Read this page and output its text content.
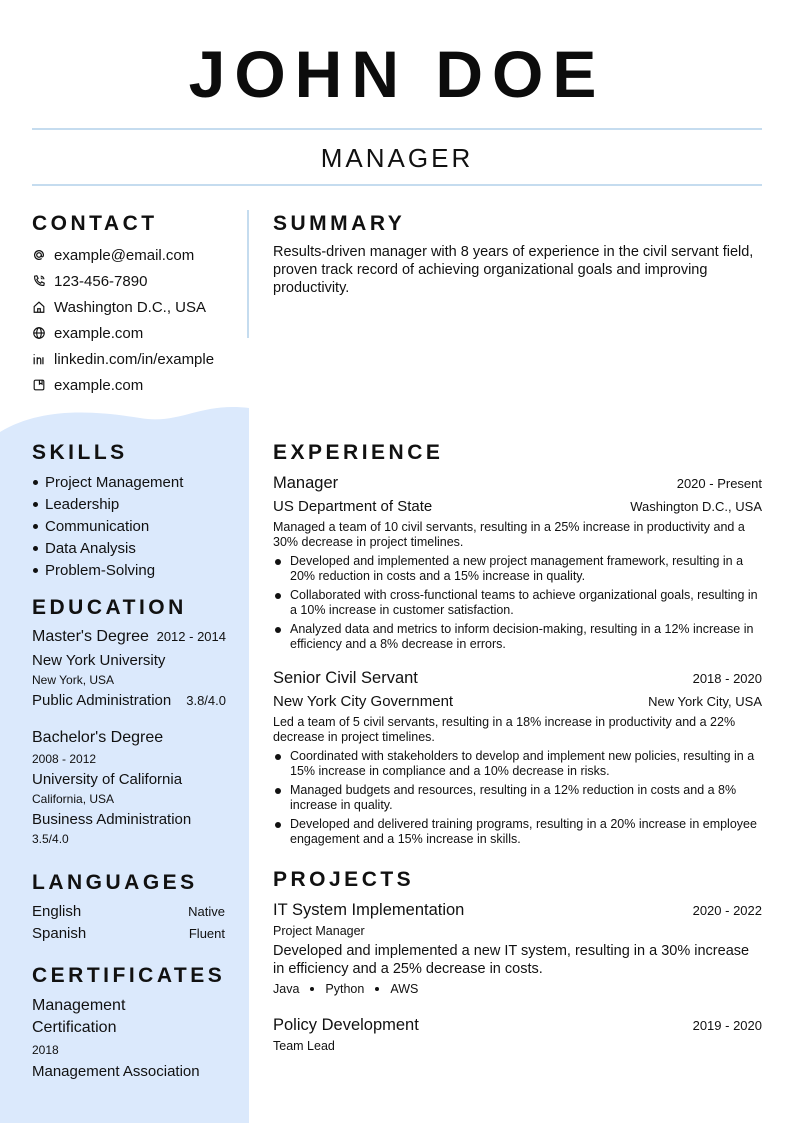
JOHN DOE
MANAGER
CONTACT
example@email.com
123-456-7890
Washington D.C., USA
example.com
linkedin.com/in/example
example.com
SKILLS
Project Management
Leadership
Communication
Data Analysis
Problem-Solving
EDUCATION
Master's Degree 2012 - 2014
New York University
New York, USA
Public Administration 3.8/4.0
Bachelor's Degree
2008 - 2012
University of California
California, USA
Business Administration
3.5/4.0
LANGUAGES
English	Native
Spanish	Fluent
CERTIFICATES
Management Certification
2018
Management Association
SUMMARY
Results-driven manager with 8 years of experience in the civil servant field, proven track record of achieving organizational goals and improving productivity.
EXPERIENCE
Manager	2020 - Present
US Department of State	Washington D.C., USA
Managed a team of 10 civil servants, resulting in a 25% increase in productivity and a 30% decrease in project timelines.
Developed and implemented a new project management framework, resulting in a 20% reduction in costs and a 15% increase in quality.
Collaborated with cross-functional teams to achieve organizational goals, resulting in a 10% increase in customer satisfaction.
Analyzed data and metrics to inform decision-making, resulting in a 12% increase in efficiency and a 8% decrease in errors.
Senior Civil Servant	2018 - 2020
New York City Government	New York City, USA
Led a team of 5 civil servants, resulting in a 18% increase in productivity and a 22% decrease in project timelines.
Coordinated with stakeholders to develop and implement new policies, resulting in a 15% increase in compliance and a 10% decrease in risks.
Managed budgets and resources, resulting in a 12% reduction in costs and a 8% increase in quality.
Developed and delivered training programs, resulting in a 20% increase in employee engagement and a 15% increase in skills.
PROJECTS
IT System Implementation	2020 - 2022
Project Manager
Developed and implemented a new IT system, resulting in a 30% increase in efficiency and a 25% decrease in costs.
Java Python AWS
Policy Development	2019 - 2020
Team Lead
